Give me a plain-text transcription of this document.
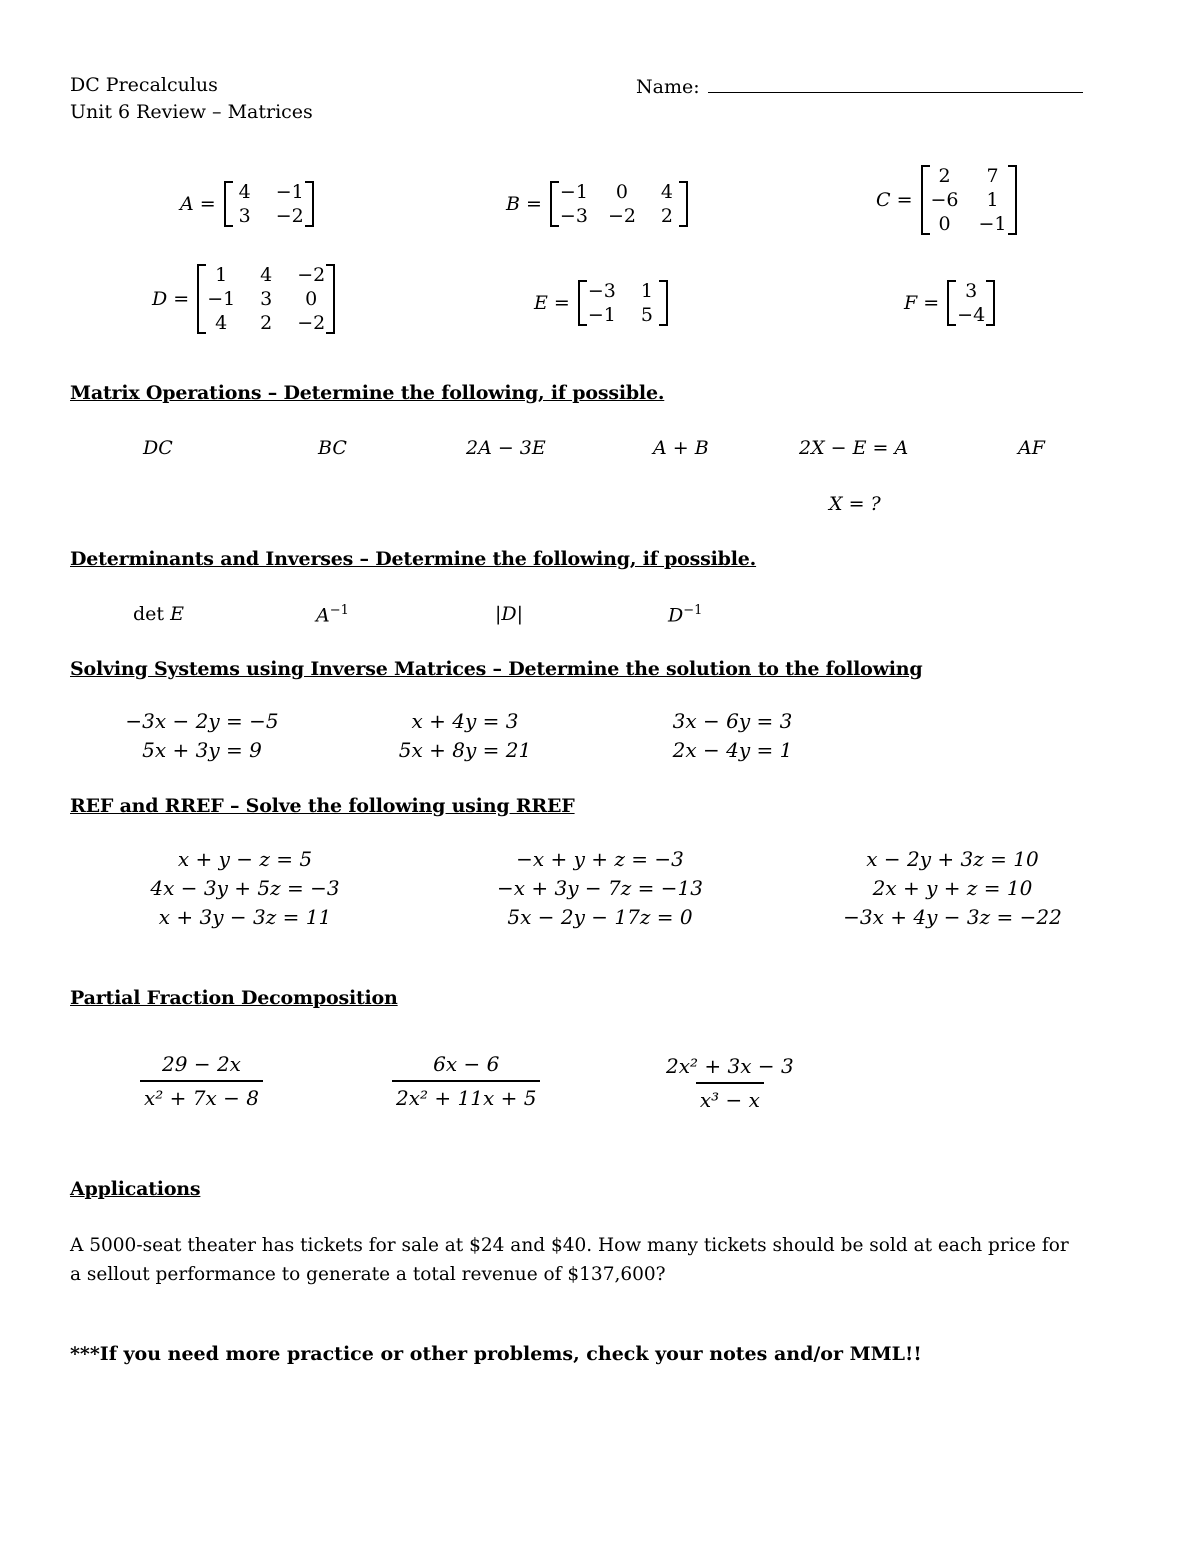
DC Precalculus
Unit 6 Review – Matrices
Name:
A =
4 −1
3 −2
B =
−1	0	4
−3 −2 2
C =
2	7
−6	1
0	−1
D =
1	4 −2
−1 3	0
4	2 −2
E =
−3 1
−1 5
F =
3
−4
Matrix Operations – Determine the following, if possible.
DC	BC	2A − 3E	A + B	2X − E = A	AF
X = ?
Determinants and Inverses – Determine the following, if possible.
det E	$A^{-1}$	|D|	$D^{-1}$
Solving Systems using Inverse Matrices – Determine the solution to the following
−3x − 2y = −5
5x + 3y = 9
x + 4y = 3
5x + 8y = 21
3x − 6y = 3
2x − 4y = 1
REF and RREF – Solve the following using RREF
x + y − z = 5
4x − 3y + 5z = −3
x + 3y − 3z = 11
−x + y + z = −3
−x + 3y − 7z = −13
5x − 2y − 17z = 0
x − 2y + 3z = 10
2x + y + z = 10
−3x + 4y − 3z = −22
Partial Fraction Decomposition
$\frac{29 - 2x}{\text{x² + 7x − 8}}$	$\frac{6x - 6}{\text{2x² + 11x + 5}}$	$\frac{\text{2x² + 3x − 3}}{\text{x³ − x}}$
Applications
A 5000-seat theater has tickets for sale at $24 and $40. How many tickets should be sold at each price for
a sellout performance to generate a total revenue of $137,600?
***If you need more practice or other problems, check your notes and/or MML!!
